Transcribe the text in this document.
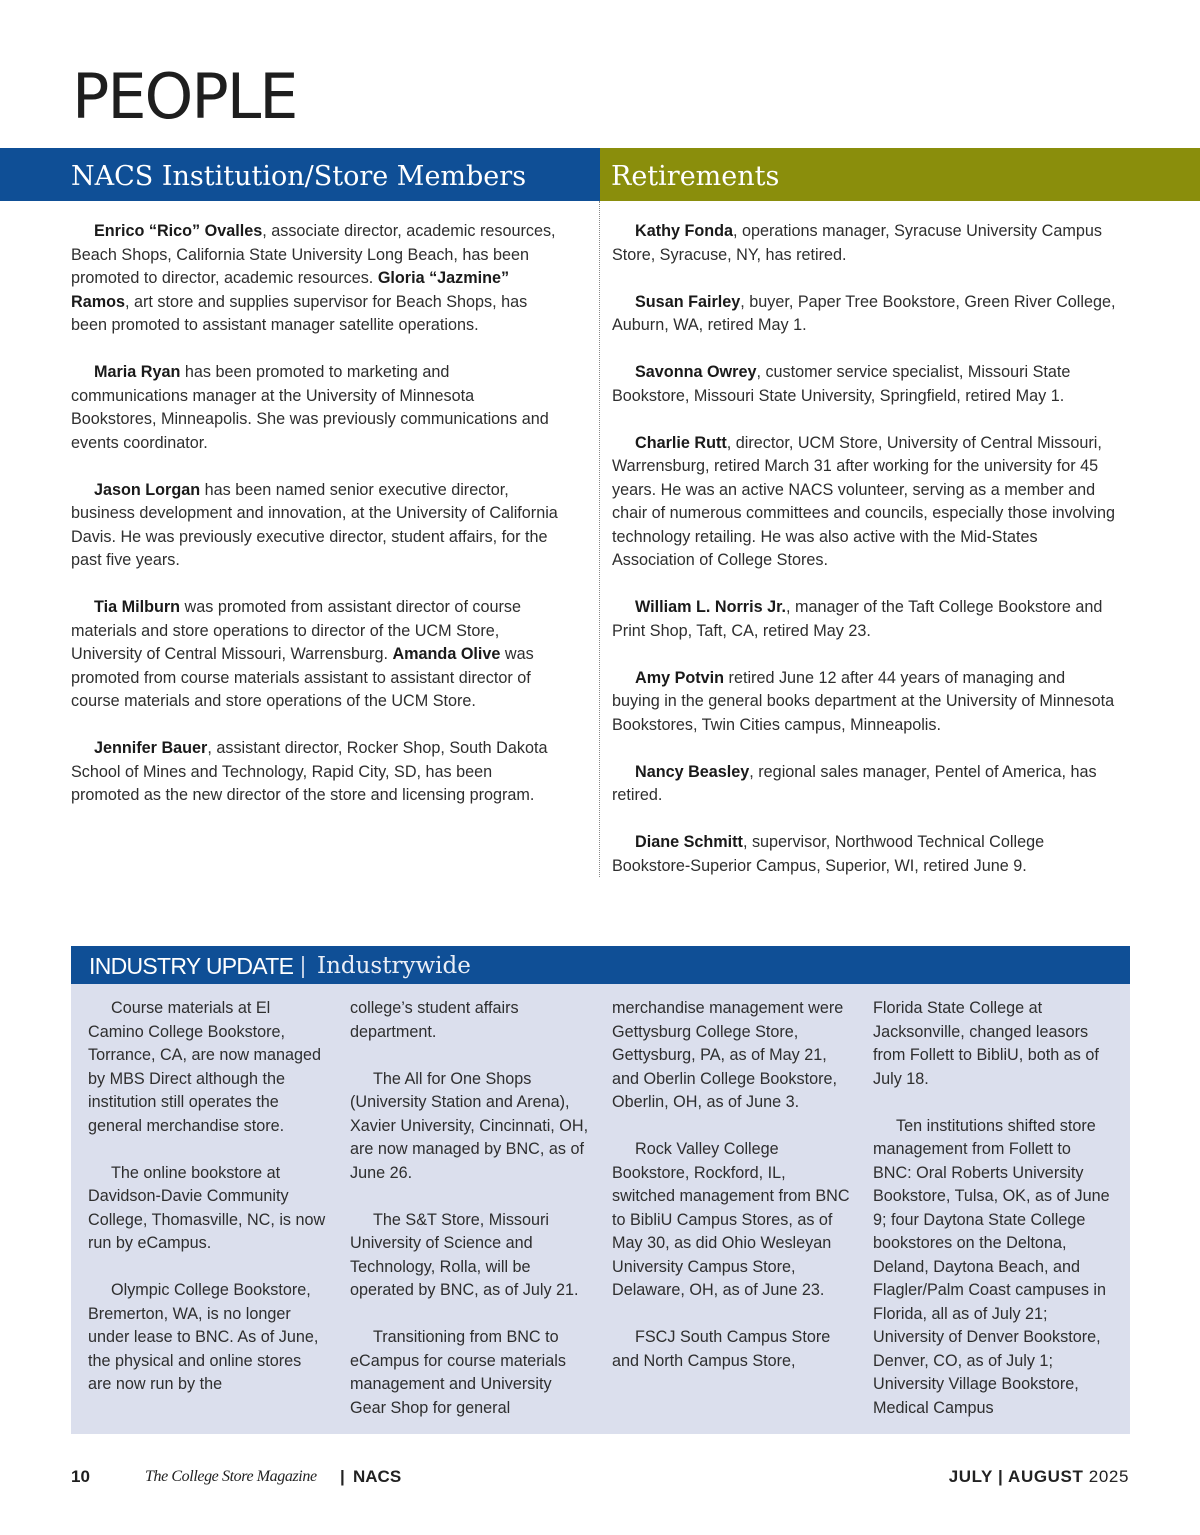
PEOPLE
NACS Institution/Store Members	Retirements

Enrico “Rico” Ovalles, associate director, academic resources, Beach Shops, California State University Long Beach, has been promoted to director, academic resources. Gloria “Jazmine” Ramos, art store and supplies supervisor for Beach Shops, has been promoted to assistant manager satellite operations.

Maria Ryan has been promoted to marketing and communications manager at the University of Minnesota Bookstores, Minneapolis. She was previously communications and events coordinator.

Jason Lorgan has been named senior executive director, business development and innovation, at the University of California Davis. He was previously executive director, student affairs, for the past five years.

Tia Milburn was promoted from assistant director of course materials and store operations to director of the UCM Store, University of Central Missouri, Warrensburg. Amanda Olive was promoted from course materials assistant to assistant director of course materials and store operations of the UCM Store.

Jennifer Bauer, assistant director, Rocker Shop, South Dakota School of Mines and Technology, Rapid City, SD, has been promoted as the new director of the store and licensing program.

Kathy Fonda, operations manager, Syracuse University Campus Store, Syracuse, NY, has retired.

Susan Fairley, buyer, Paper Tree Bookstore, Green River College, Auburn, WA, retired May 1.

Savonna Owrey, customer service specialist, Missouri State Bookstore, Missouri State University, Springfield, retired May 1.

Charlie Rutt, director, UCM Store, University of Central Missouri, Warrensburg, retired March 31 after working for the university for 45 years. He was an active NACS volunteer, serving as a member and chair of numerous committees and councils, especially those involving technology retailing. He was also active with the Mid-States Association of College Stores.

William L. Norris Jr., manager of the Taft College Bookstore and Print Shop, Taft, CA, retired May 23.

Amy Potvin retired June 12 after 44 years of managing and buying in the general books department at the University of Minnesota Bookstores, Twin Cities campus, Minneapolis.

Nancy Beasley, regional sales manager, Pentel of America, has retired.

Diane Schmitt, supervisor, Northwood Technical College Bookstore-Superior Campus, Superior, WI, retired June 9.

INDUSTRY UPDATE | Industrywide

Course materials at El Camino College Bookstore, Torrance, CA, are now managed by MBS Direct although the institution still operates the general merchandise store.

The online bookstore at Davidson-Davie Community College, Thomasville, NC, is now run by eCampus.

Olympic College Bookstore, Bremerton, WA, is no longer under lease to BNC. As of June, the physical and online stores are now run by the

college’s student affairs department.

The All for One Shops (University Station and Arena), Xavier University, Cincinnati, OH, are now managed by BNC, as of June 26.

The S&T Store, Missouri University of Science and Technology, Rolla, will be operated by BNC, as of July 21.

Transitioning from BNC to eCampus for course materials management and University Gear Shop for general

merchandise management were Gettysburg College Store, Gettysburg, PA, as of May 21, and Oberlin College Bookstore, Oberlin, OH, as of June 3.

Rock Valley College Bookstore, Rockford, IL, switched management from BNC to BibliU Campus Stores, as of May 30, as did Ohio Wesleyan University Campus Store, Delaware, OH, as of June 23.

FSCJ South Campus Store and North Campus Store,

Florida State College at Jacksonville, changed leasors from Follett to BibliU, both as of July 18.

Ten institutions shifted store management from Follett to BNC: Oral Roberts University Bookstore, Tulsa, OK, as of June 9; four Daytona State College bookstores on the Deltona, Deland, Daytona Beach, and Flagler/Palm Coast campuses in Florida, all as of July 21; University of Denver Bookstore, Denver, CO, as of July 1; University Village Bookstore, Medical Campus

10	The College Store Magazine | NACS	JULY | AUGUST 2025
